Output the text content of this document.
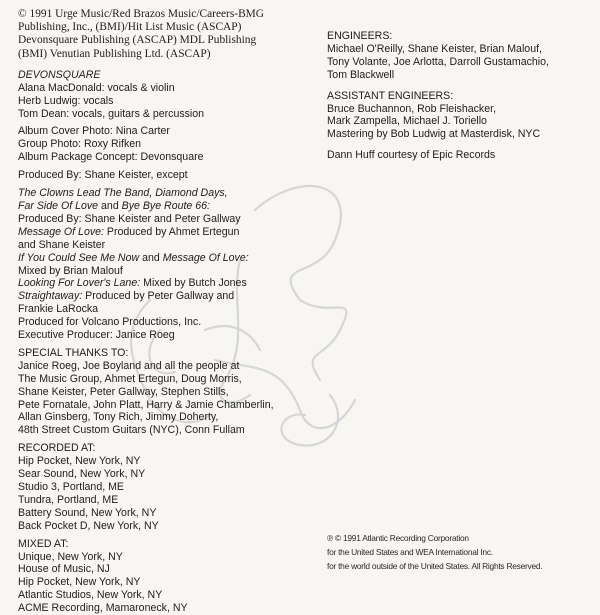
© 1991 Urge Music/Red Brazos Music/Careers-BMG
Publishing, Inc., (BMI)/Hit List Music (ASCAP)
Devonsquare Publishing (ASCAP) MDL Publishing
(BMI) Venutian Publishing Ltd. (ASCAP)
DEVONSQUARE
Alana MacDonald: vocals & violin
Herb Ludwig: vocals
Tom Dean: vocals, guitars & percussion
Album Cover Photo: Nina Carter
Group Photo: Roxy Rifken
Album Package Concept: Devonsquare
Produced By: Shane Keister, except
The Clowns Lead The Band, Diamond Days,
Far Side Of Love and Bye Bye Route 66:
Produced By: Shane Keister and Peter Gallway
Message Of Love: Produced by Ahmet Ertegun
and Shane Keister
If You Could See Me Now and Message Of Love:
Mixed by Brian Malouf
Looking For Lover's Lane: Mixed by Butch Jones
Straightaway: Produced by Peter Gallway and
Frankie LaRocka
Produced for Volcano Productions, Inc.
Executive Producer: Janice Roeg
SPECIAL THANKS TO:
Janice Roeg, Joe Boyland and all the people at
The Music Group, Ahmet Ertegun, Doug Morris,
Shane Keister, Peter Gallway, Stephen Stills,
Pete Fornatale, John Platt, Harry & Jamie Chamberlin,
Allan Ginsberg, Tony Rich, Jimmy Doherty,
48th Street Custom Guitars (NYC), Conn Fullam
RECORDED AT:
Hip Pocket, New York, NY
Sear Sound, New York, NY
Studio 3, Portland, ME
Tundra, Portland, ME
Battery Sound, New York, NY
Back Pocket D, New York, NY
MIXED AT:
Unique, New York, NY
House of Music, NJ
Hip Pocket, New York, NY
Atlantic Studios, New York, NY
ACME Recording, Mamaroneck, NY
ENGINEERS:
Michael O'Reilly, Shane Keister, Brian Malouf,
Tony Volante, Joe Arlotta, Darroll Gustamachio,
Tom Blackwell
ASSISTANT ENGINEERS:
Bruce Buchannon, Rob Fleishacker,
Mark Zampella, Michael J. Toriello
Mastering by Bob Ludwig at Masterdisk, NYC
Dann Huff courtesy of Epic Records
℗ © 1991 Atlantic Recording Corporation
for the United States and WEA International Inc.
for the world outside of the United States. All Rights Reserved.
